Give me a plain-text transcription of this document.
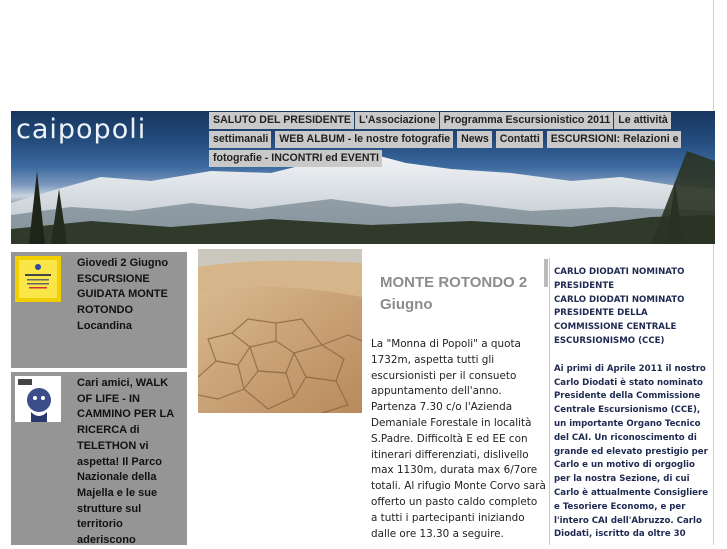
caipopoli	SALUTO DEL PRESIDENTE L'Associazione Programma Escursionistico 2011 Le attività settimanali WEB ALBUM - le nostre fotografie News Contatti ESCURSIONI: Relazioni e fotografie - INCONTRI ed EVENTI
Giovedi 2 Giugno ESCURSIONE GUIDATA MONTE ROTONDO Locandina
Cari amici, WALK OF LIFE - IN CAMMINO PER LA RICERCA di TELETHON vi aspetta! Il Parco Nazionale della Majella e le sue strutture sul territorio aderiscono
MONTE ROTONDO 2 Giugno
La "Monna di Popoli" a quota 1732m, aspetta tutti gli escursionisti per il consueto appuntamento dell'anno. Partenza 7.30 c/o l'Azienda Demaniale Forestale in località S.Padre. Difficoltà E ed EE con itinerari differenziati, dislivello max 1130m, durata max 6/7ore totali. Al rifugio Monte Corvo sarà offerto un pasto caldo completo a tutti i partecipanti iniziando dalle ore 13.30 a seguire.

CARLO DIODATI NOMINATO PRESIDENTE

CARLO DIODATI NOMINATO PRESIDENTE DELLA COMMISSIONE CENTRALE ESCURSIONISMO (CCE)

Ai primi di Aprile 2011 il nostro Carlo Diodati è stato nominato Presidente della Commissione Centrale Escursionismo (CCE), un importante Organo Tecnico del CAI. Un riconoscimento di grande ed elevato prestigio per Carlo e un motivo di orgoglio per la nostra Sezione, di cui Carlo è attualmente Consigliere e Tesoriere Economo, e per l'intero CAI dell'Abruzzo. Carlo Diodati, iscritto da oltre 30
